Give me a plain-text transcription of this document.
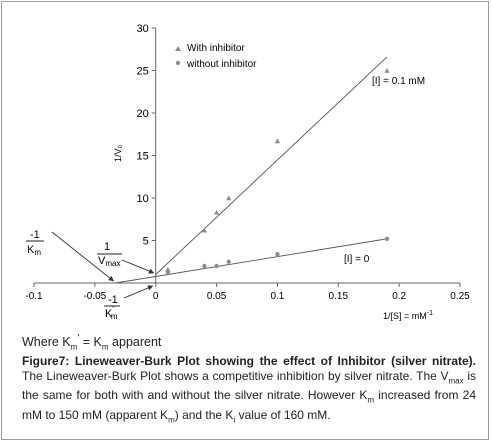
-0.1	-0.05	0	0.05	0.1	0.15	0.2	0.25
5
10
15
20
25
30
With inhibitor
without inhibitor
[I] = 0.1 mM
[I] = 0
1/V₀
$1/[S] = mM^{-1}$
-1
Km	1
Vmax
-1
K' m
Where $K_m' = K_m$ apparent
Figure7: Lineweaver-Burk Plot showing the effect of Inhibitor (silver nitrate). The Lineweaver-Burk Plot shows a competitive inhibition by silver nitrate. The $V_{max}$ is the same for both with and without the silver nitrate. However $K_m$ increased from 24 mM to 150 mM (apparent $K_m$) and the $K_i$ value of 160 mM.
